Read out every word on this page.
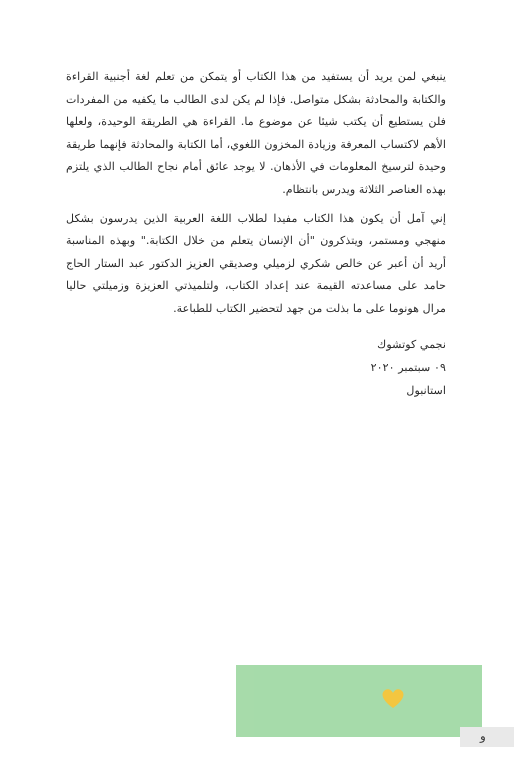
ينبغي لمن يريد أن يستفيد من هذا الكتاب أو يتمكن من تعلم لغة أجنبية القراءة والكتابة والمحادثة بشكل متواصل. فإذا لم يكن لدى الطالب ما يكفيه من المفردات فلن يستطيع أن يكتب شيئا عن موضوع ما. القراءة هي الطريقة الوحيدة، ولعلها الأهم لاكتساب المعرفة وزيادة المخزون اللغوي، أما الكتابة والمحادثة فإنهما طريقة وحيدة لترسيخ المعلومات في الأذهان. لا يوجد عائق أمام نجاح الطالب الذي يلتزم بهذه العناصر الثلاثة ويدرس بانتظام.

إني آمل أن يكون هذا الكتاب مفيدا لطلاب اللغة العربية الذين يدرسون بشكل منهجي ومستمر، ويتذكرون "أن الإنسان يتعلم من خلال الكتابة." وبهذه المناسبة أريد أن أعبر عن خالص شكري لزميلي وصديقي العزيز الدكتور عبد الستار الحاج حامد على مساعدته القيمة عند إعداد الكتاب، ولتلميذتي العزيزة وزميلتي حاليا مرال هونوما على ما بذلت من جهد لتحضير الكتاب للطباعة.

نجمي كوتشوك
٠٩ سبتمبر ٢٠٢٠
استانبول
و
